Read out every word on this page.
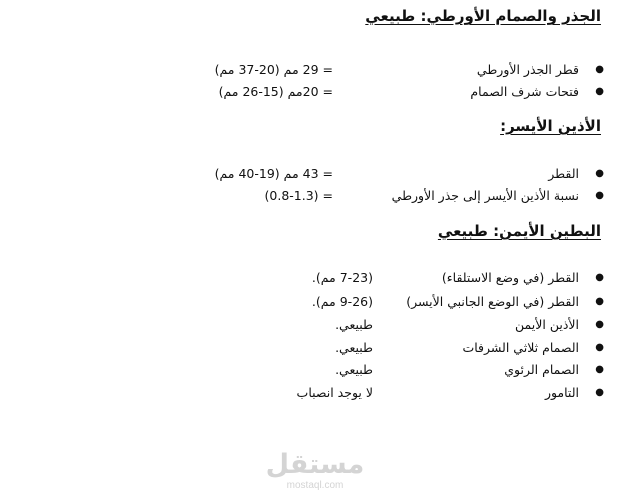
الجذر والصمام الأورطي: طبيعي
●
قطر الجذر الأورطي
= 29 مم (20-37 مم)
●
فتحات شرف الصمام
= 20مم (15-26 مم)
الأذين الأيسر:
●
القطر
= 43 مم (19-40 مم)
●
نسبة الأذين الأيسر إلى جذر الأورطي
= (0.8-1.3)
البطين الأيمن: طبيعي
●
القطر (في وضع الاستلقاء)
(7-23 مم).
●
القطر (في الوضع الجانبي الأيسر)
(9-26 مم).
●
الأذين الأيمن
طبيعي.
●
الصمام ثلاثي الشرفات
طبيعي.
●
الصمام الرئوي
طبيعي.
●
التامور
لا يوجد انصباب
مستقل
mostaql.com
